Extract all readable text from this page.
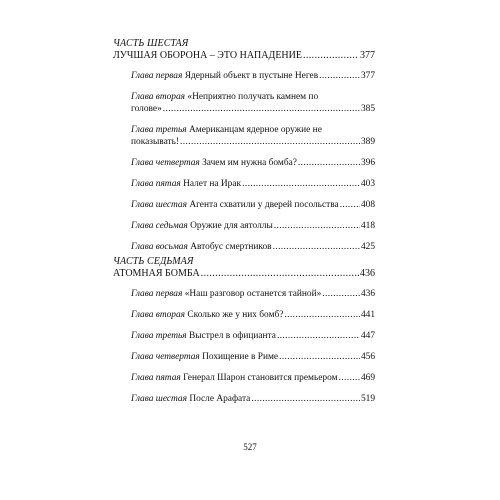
ЧАСТЬ ШЕСТАЯ
ЛУЧШАЯ ОБОРОНА – ЭТО НАПАДЕНИЕ .....	377
Глава первая Ядерный объект в пустыне Негев .....	377
Глава вторая «Неприятно получать камнем по
голове» .....	385
Глава третья Американцам ядерное оружие не
показывать! .....	389
Глава четвертая Зачем им нужна бомба? .....	396
Глава пятая Налет на Ирак .....	403
Глава шестая Агента схватили у дверей посольства ..... 408
Глава седьмая Оружие для аятоллы .....	418
Глава восьмая Автобус смертников .....	425
ЧАСТЬ СЕДЬМАЯ
АТОМНАЯ БОМБА .....	436
Глава первая «Наш разговор останется тайной» .....	436
Глава вторая Сколько же у них бомб? .....	441
Глава третья Выстрел в официанта .....	447
Глава четвертая Похищение в Риме .....	456
Глава пятая Генерал Шарон становится премьером ..... 469
Глава шестая После Арафата .....	519
527
